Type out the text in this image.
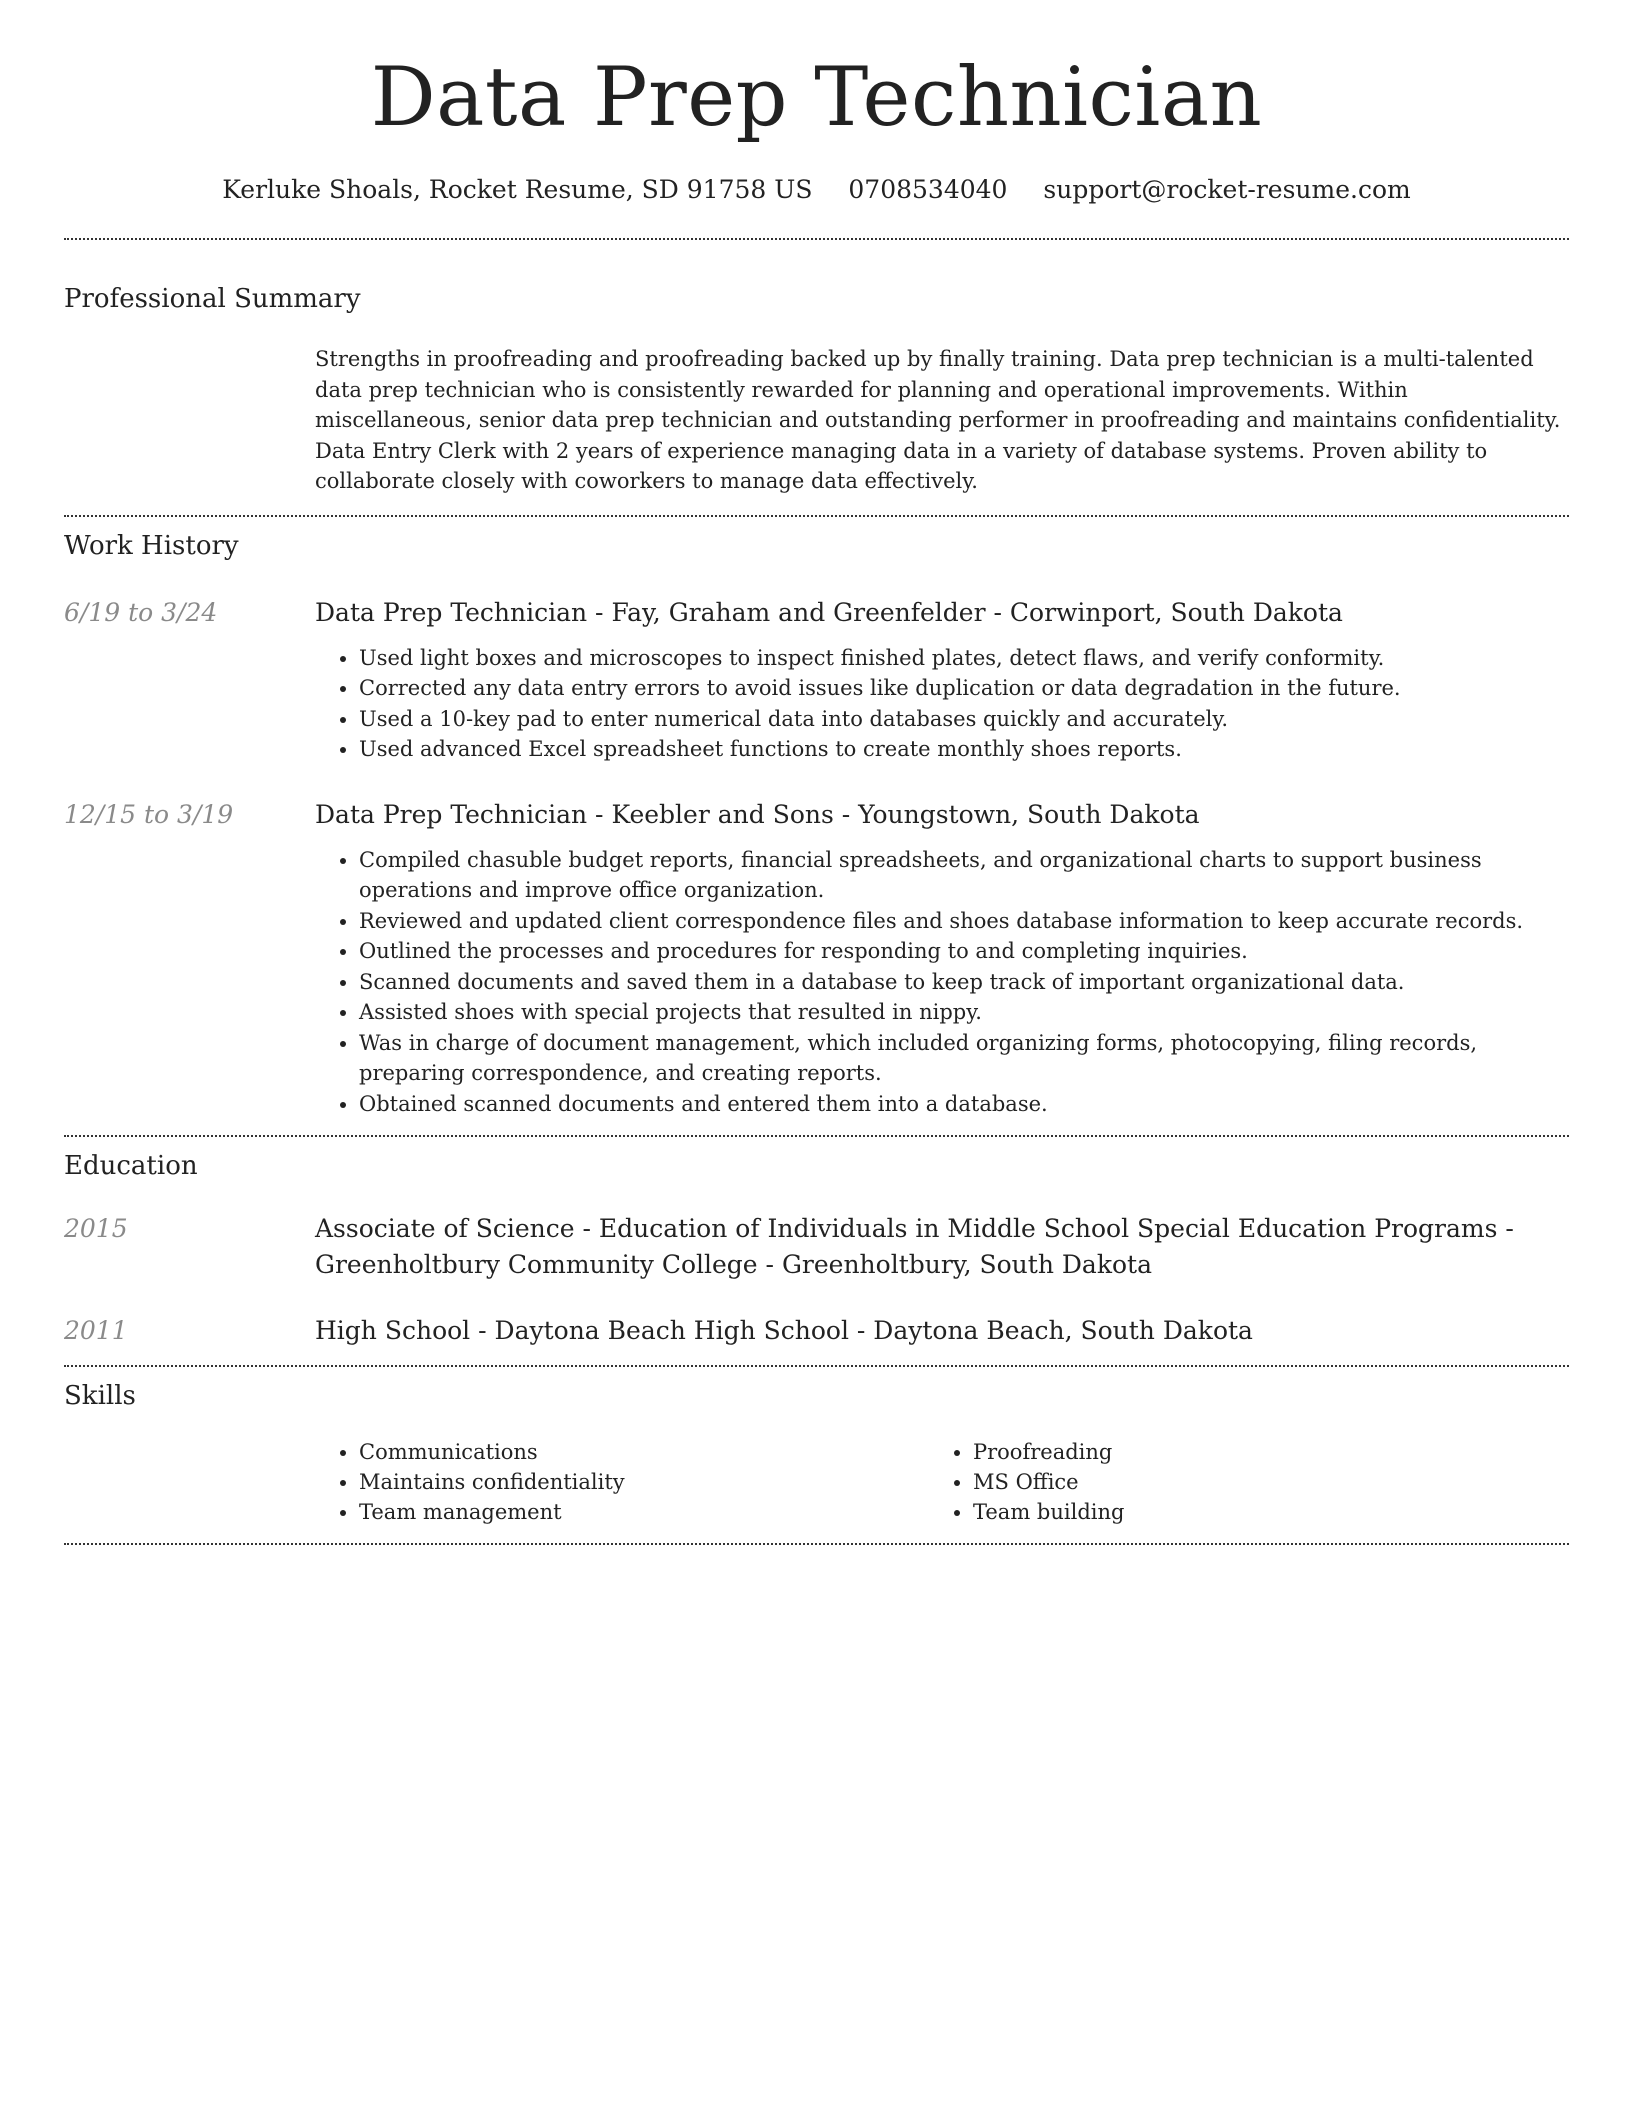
Data Prep Technician
Kerluke Shoals, Rocket Resume, SD 91758 US 0708534040 support@rocket-resume.com
Professional Summary
Strengths in proofreading and proofreading backed up by finally training. Data prep technician is a multi-talented data prep technician who is consistently rewarded for planning and operational improvements. Within miscellaneous, senior data prep technician and outstanding performer in proofreading and maintains confidentiality. Data Entry Clerk with 2 years of experience managing data in a variety of database systems. Proven ability to collaborate closely with coworkers to manage data effectively.
Work History
6/19 to 3/24	Data Prep Technician - Fay, Graham and Greenfelder - Corwinport, South Dakota
• Used light boxes and microscopes to inspect finished plates, detect flaws, and verify conformity.
• Corrected any data entry errors to avoid issues like duplication or data degradation in the future.
• Used a 10-key pad to enter numerical data into databases quickly and accurately.
• Used advanced Excel spreadsheet functions to create monthly shoes reports.
12/15 to 3/19	Data Prep Technician - Keebler and Sons - Youngstown, South Dakota
• Compiled chasuble budget reports, financial spreadsheets, and organizational charts to support business operations and improve office organization.
• Reviewed and updated client correspondence files and shoes database information to keep accurate records.
• Outlined the processes and procedures for responding to and completing inquiries.
• Scanned documents and saved them in a database to keep track of important organizational data.
• Assisted shoes with special projects that resulted in nippy.
• Was in charge of document management, which included organizing forms, photocopying, filing records, preparing correspondence, and creating reports.
• Obtained scanned documents and entered them into a database.
Education
2015	Associate of Science - Education of Individuals in Middle School Special Education Programs - Greenholtbury Community College - Greenholtbury, South Dakota
2011	High School - Daytona Beach High School - Daytona Beach, South Dakota
Skills
• Communications
• Maintains confidentiality
• Team management
• Proofreading
• MS Office
• Team building
